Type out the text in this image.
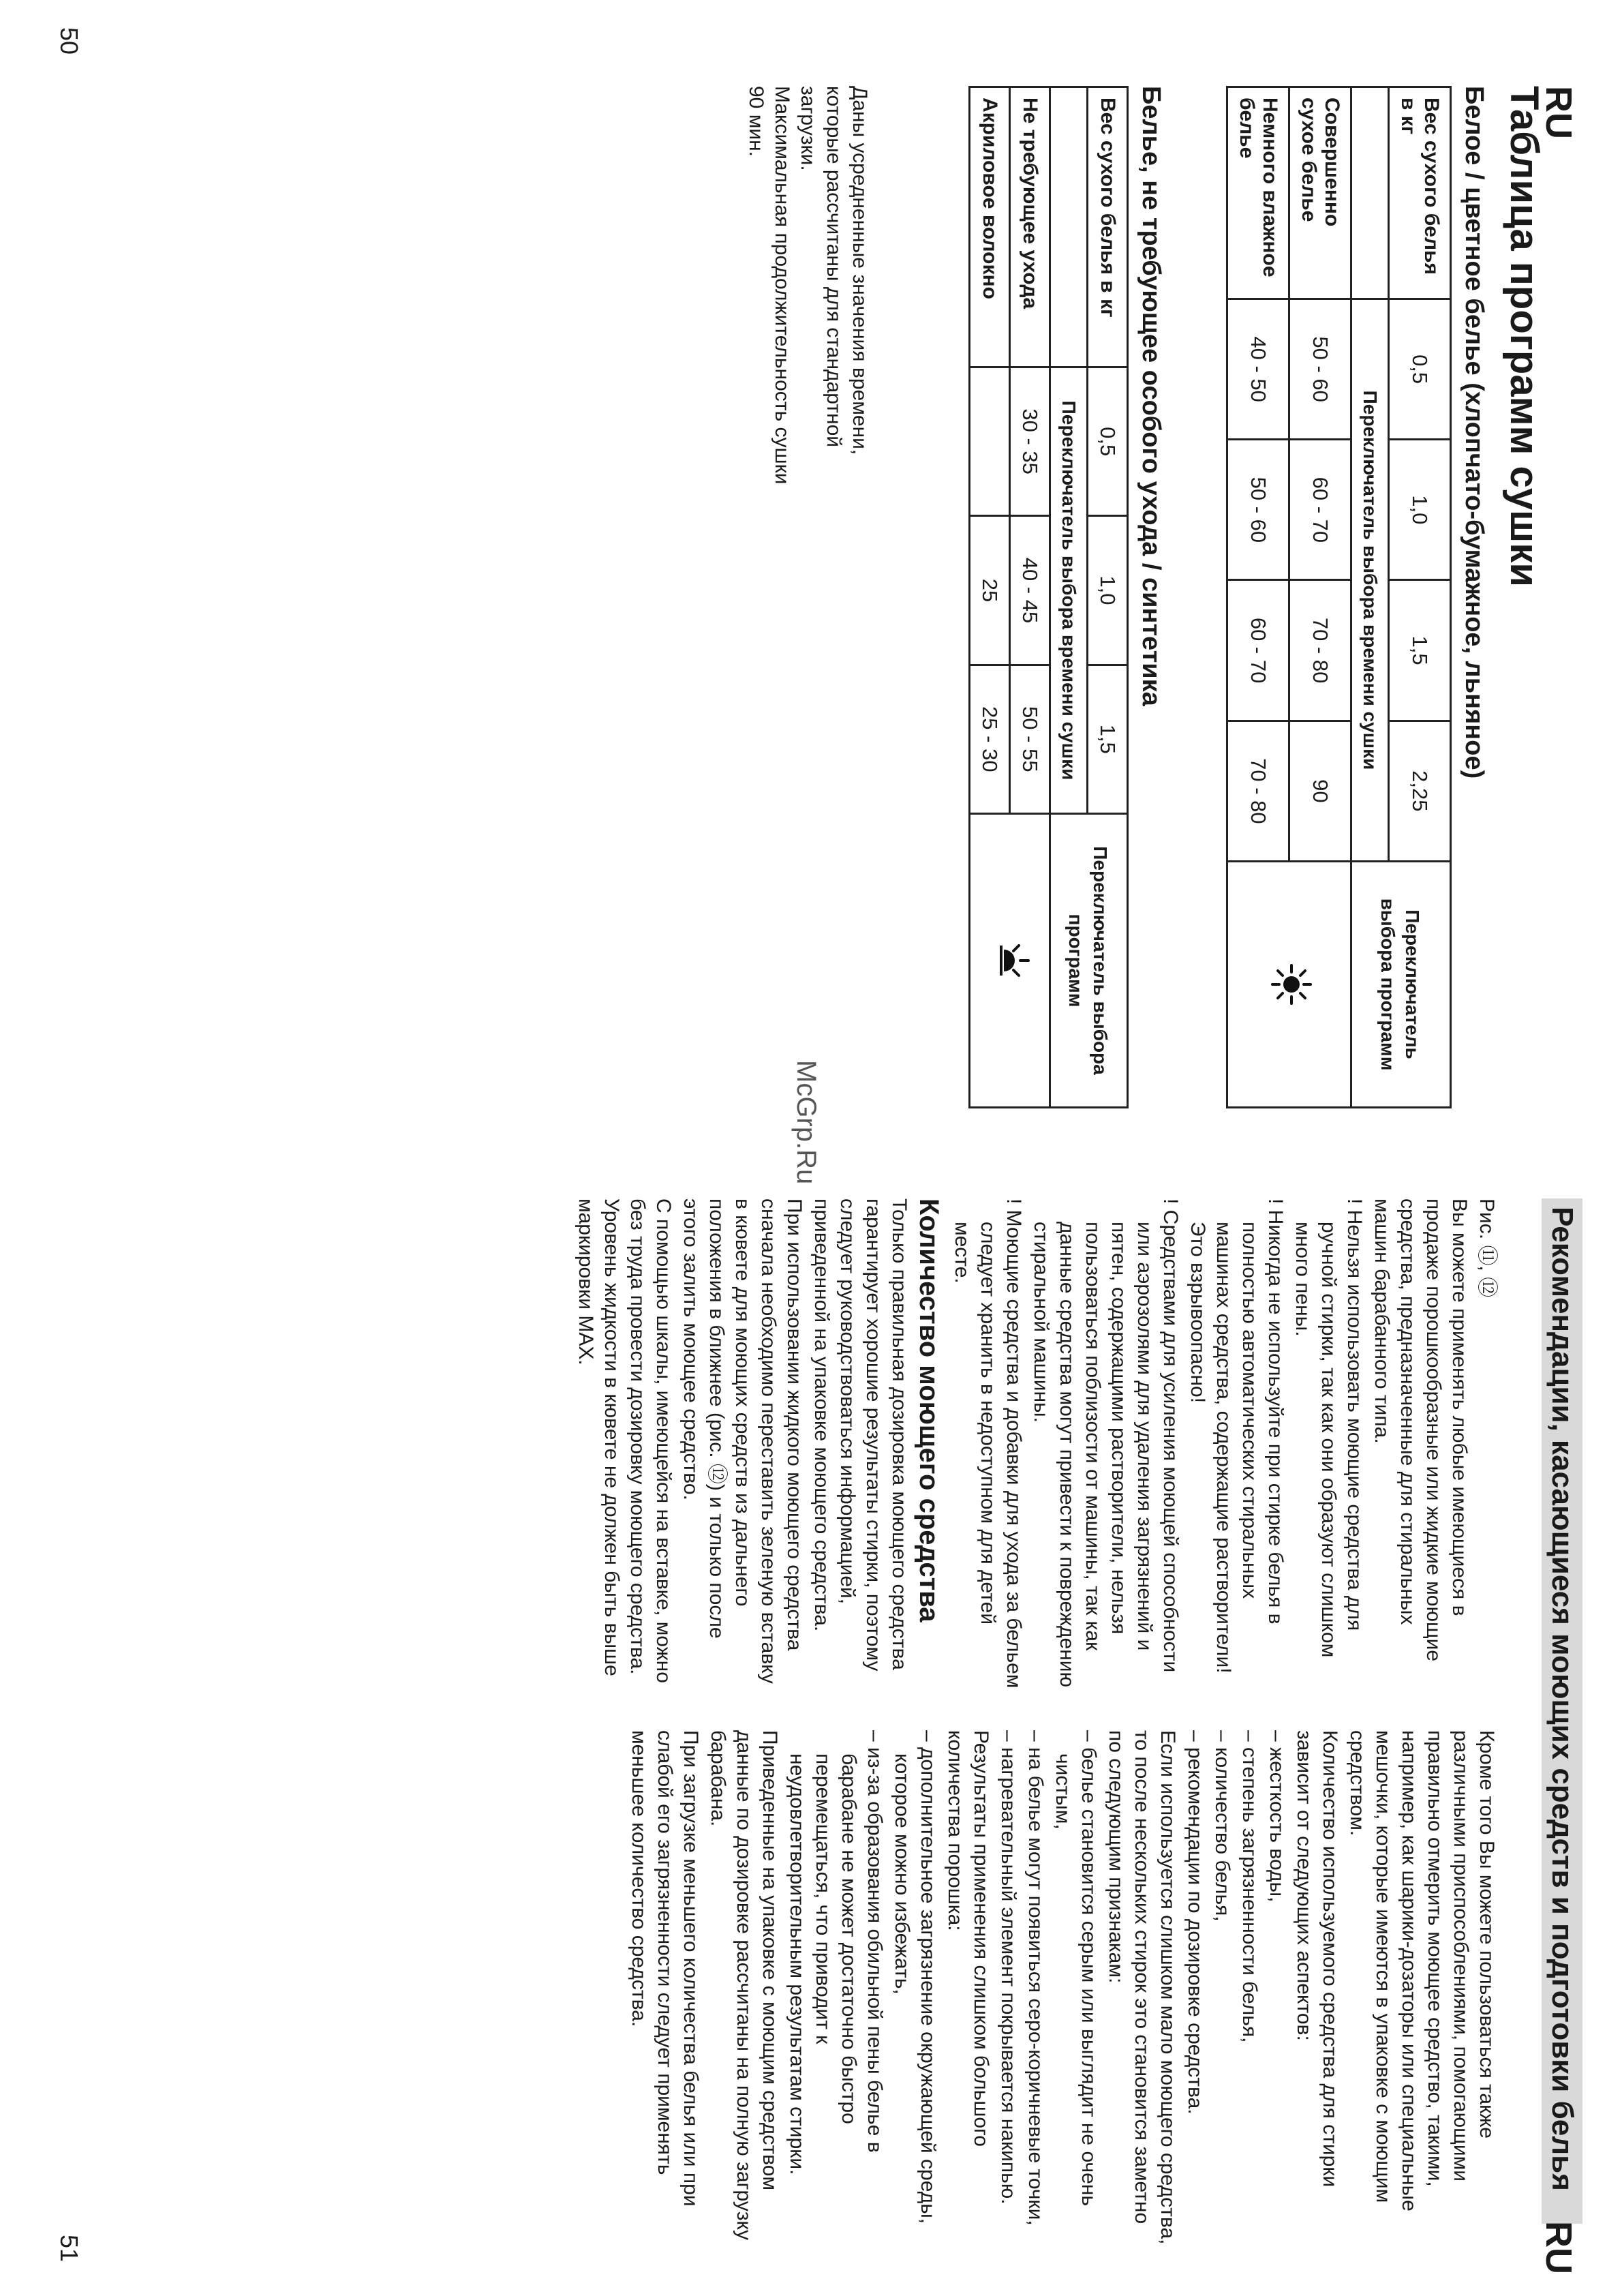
RU
Таблица программ сушки
Белое / цветное белье (хлопчато-бумажное, льняное)
Вес сухого белья в кг	0,5	1,0	1,5	2,25	Переключатель выбора программ
	Переключатель выбора времени сушки				
Совершенно сухое белье	50 - 60	60 - 70	70 - 80	90	
Немного влажное белье	40 - 50	50 - 60	60 - 70	70 - 80	
Белье, не требующее особого ухода / синтетика
Вес сухого белья в кг	0,5	1,0	1,5	Переключатель выбора программ
	Переключатель выбора времени сушки			
Не требующее ухода	30 - 35	40 - 45	50 - 55	
Акриловое волокно		25	25 - 30	

Даны усредненные значения времени, которые рассчитаны для стандартной загрузки.

Максимальная продолжительность сушки 90 мин.

McGrp.Ru
50
Рекомендации, касающиеся моющих средств и подготовки белья
RU

Рис. ⑪, ⑫

Вы можете применять любые имеющиеся в продаже порошкообразные или жидкие моющие средства, предназначенные для стиральных машин барабанного типа.

! Нельзя использовать моющие средства для ручной стирки, так как они образуют слишком много пены.

! Никогда не используйте при стирке белья в полностью автоматических стиральных машинах средства, содержащие растворители! Это взрывоопасно!

! Средствами для усиления моющей способности или аэрозолями для удаления загрязнений и пятен, содержащими растворители, нельзя пользоваться поблизости от машины, так как данные средства могут привести к повреждению стиральной машины.

! Моющие средства и добавки для ухода за бельем следует хранить в недоступном для детей месте.

Количество моющего средства

Только правильная дозировка моющего средства гарантирует хорошие результаты стирки, поэтому следует руководствоваться информацией, приведенной на упаковке моющего средства.

При использовании жидкого моющего средства сначала необходимо переставить зеленую вставку в кювете для моющих средств из дальнего положения в ближнее (рис. ⑫) и только после этого залить моющее средство.

С помощью шкалы, имеющейся на вставке, можно без труда провести дозировку моющего средства. Уровень жидкости в кювете не должен быть выше маркировки MAX.

Кроме того Вы можете пользоваться также различными приспособлениями, помогающими правильно отмерить моющее средство, такими, например, как шарики-дозаторы или специальные мешочки, которые имеются в упаковке с моющим средством.

Количество используемого средства для стирки зависит от следующих аспектов:

– жесткость воды,

– степень загрязненности белья,

– количество белья,

– рекомендации по дозировке средства.

Если используется слишком мало моющего средства, то после нескольких стирок это становится заметно по следующим признакам:

– белье становится серым или выглядит не очень чистым,

– на белье могут появиться серо-коричневые точки,

– нагревательный элемент покрывается накипью.

Результаты применения слишком большого количества порошка:

– дополнительное загрязнение окружающей среды, которое можно избежать,

– из-за образования обильной пены белье в барабане не может достаточно быстро перемещаться, что приводит к неудовлетворительным результатам стирки.

Приведенные на упаковке с моющим средством данные по дозировке рассчитаны на полную загрузку барабана.

При загрузке меньшего количества белья или при слабой его загрязненности следует применять меньшее количество средства.

51
